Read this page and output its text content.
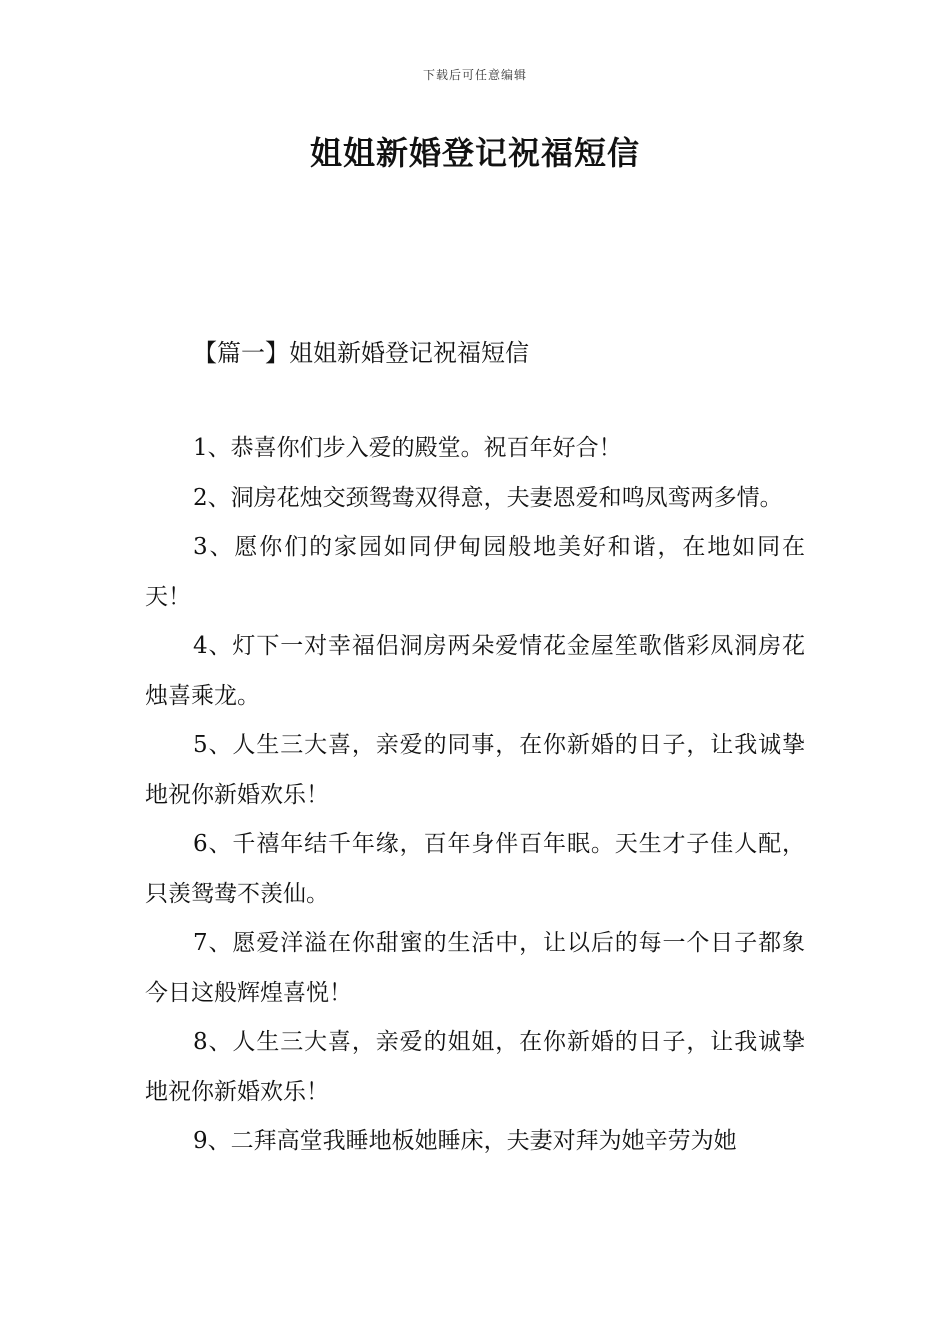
下载后可任意编辑
姐姐新婚登记祝福短信
【篇一】姐姐新婚登记祝福短信

1、恭喜你们步入爱的殿堂。祝百年好合！

2、洞房花烛交颈鸳鸯双得意，夫妻恩爱和鸣凤鸾两多情。

3、愿你们的家园如同伊甸园般地美好和谐，在地如同在天！

4、灯下一对幸福侣洞房两朵爱情花金屋笙歌偕彩凤洞房花烛喜乘龙。

5、人生三大喜，亲爱的同事，在你新婚的日子，让我诚挚地祝你新婚欢乐！

6、千禧年结千年缘，百年身伴百年眠。天生才子佳人配，只羡鸳鸯不羡仙。

7、愿爱洋溢在你甜蜜的生活中，让以后的每一个日子都象今日这般辉煌喜悦！

8、人生三大喜，亲爱的姐姐，在你新婚的日子，让我诚挚地祝你新婚欢乐！

9、二拜高堂我睡地板她睡床，夫妻对拜为她辛劳为她
